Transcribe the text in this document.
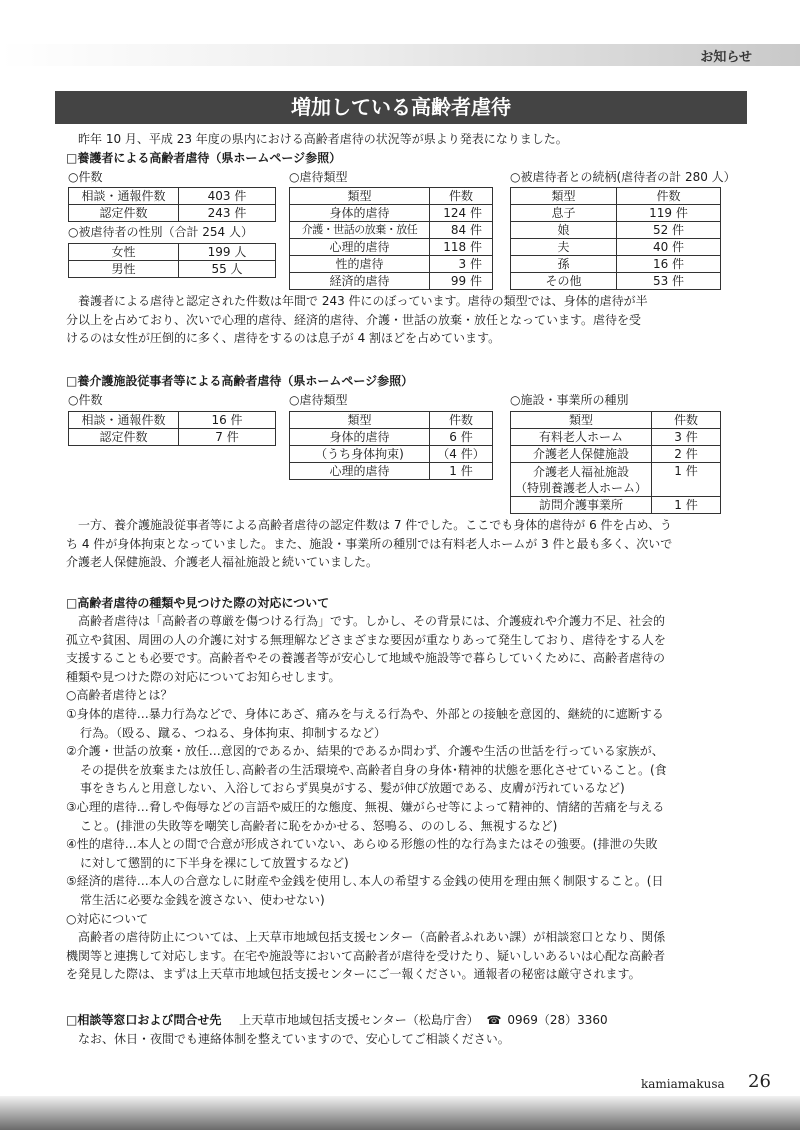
お知らせ
増加している高齢者虐待
　昨年 10 月、平成 23 年度の県内における高齢者虐待の状況等が県より発表になりました。
□養護者による高齢者虐待（県ホームページ参照）
○件数
相談・通報件数	403 件
認定件数	243 件
○被虐待者の性別（合計 254 人）
女性	199 人
男性	55 人
○虐待類型
類型	件数
身体的虐待	124 件
介護・世話の放棄・放任	84 件
心理的虐待	118 件
性的虐待	3 件
経済的虐待	99 件
○被虐待者との続柄(虐待者の計 280 人）
類型	件数
息子	119 件
娘	52 件
夫	40 件
孫	16 件
その他	53 件

　養護者による虐待と認定された件数は年間で 243 件にのぼっています。虐待の類型では、身体的虐待が半

分以上を占めており、次いで心理的虐待、経済的虐待、介護・世話の放棄・放任となっています。虐待を受

けるのは女性が圧倒的に多く、虐待をするのは息子が 4 割ほどを占めています。

□養介護施設従事者等による高齢者虐待（県ホームページ参照）
○件数
相談・通報件数	16 件
認定件数	7 件
○虐待類型
類型	件数
身体的虐待	6 件
（うち身体拘束)	（4 件）
心理的虐待	1 件
○施設・事業所の種別
類型	件数
有料老人ホーム	3 件
介護老人保健施設	2 件

介護老人福祉施設
（特別養護老人ホーム）	1 件
訪問介護事業所	1 件

　一方、養介護施設従事者等による高齢者虐待の認定件数は 7 件でした。ここでも身体的虐待が 6 件を占め、う

ち 4 件が身体拘束となっていました。また、施設・事業所の種別では有料老人ホームが 3 件と最も多く、次いで

介護老人保健施設、介護老人福祉施設と続いていました。

□高齢者虐待の種類や見つけた際の対応について

　高齢者虐待は「高齢者の尊厳を傷つける行為」です。しかし、その背景には、介護疲れや介護力不足、社会的

孤立や貧困、周囲の人の介護に対する無理解などさまざまな要因が重なりあって発生しており、虐待をする人を

支援することも必要です。高齢者やその養護者等が安心して地域や施設等で暮らしていくために、高齢者虐待の

種類や見つけた際の対応についてお知らせします。

○高齢者虐待とは？

①身体的虐待…暴力行為などで、身体にあざ、痛みを与える行為や、外部との接触を意図的、継続的に遮断する

行為。（殴る、蹴る、つねる、身体拘束、抑制するなど）

②介護・世話の放棄・放任…意図的であるか、結果的であるか問わず、介護や生活の世話を行っている家族が、

その提供を放棄または放任し､高齢者の生活環境や､高齢者自身の身体･精神的状態を悪化させていること。(食

事をきちんと用意しない、入浴しておらず異臭がする、髪が伸び放題である、皮膚が汚れているなど)

③心理的虐待…脅しや侮辱などの言語や威圧的な態度、無視、嫌がらせ等によって精神的、情緒的苦痛を与える

こと。(排泄の失敗等を嘲笑し高齢者に恥をかかせる、怒鳴る、ののしる、無視するなど)

④性的虐待…本人との間で合意が形成されていない、あらゆる形態の性的な行為またはその強要。(排泄の失敗

に対して懲罰的に下半身を裸にして放置するなど)

⑤経済的虐待…本人の合意なしに財産や金銭を使用し､本人の希望する金銭の使用を理由無く制限すること。(日

常生活に必要な金銭を渡さない、使わせない)

○対応について

　高齢者の虐待防止については、上天草市地域包括支援センター（高齢者ふれあい課）が相談窓口となり、関係

機関等と連携して対応します。在宅や施設等において高齢者が虐待を受けたり、疑いしいあるいは心配な高齢者

を発見した際は、まずは上天草市地域包括支援センターにご一報ください。通報者の秘密は厳守されます。

□相談等窓口および問合せ先 上天草市地域包括支援センター（松島庁舎） ☎ 0969（28）3360
　なお、休日・夜間でも連絡体制を整えていますので、安心してご相談ください。
kamiamakusa 26
